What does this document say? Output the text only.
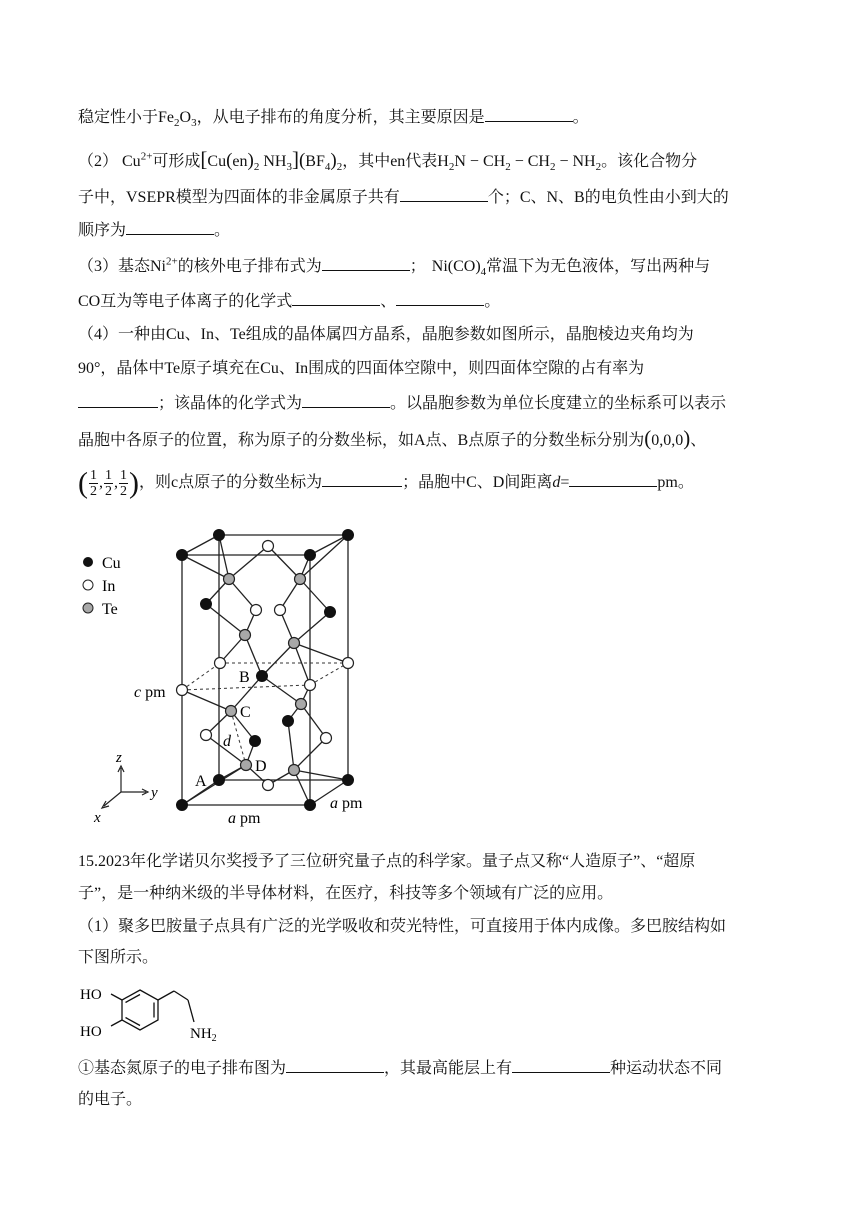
稳定性小于$Fe_2O_3$，从电子排布的角度分析，其主要原因是	。
（2） $Cu^{2+}$可形成[$Cu(en)_2$ $NH_3](BF_4)_2$，其中en代表$H_2N - CH_2 - CH_2 - NH_2$。该化合物分
子中，VSEPR模型为四面体的非金属原子共有	个；C、N、B的电负性由小到大的
顺序为	。
（3）基态$Ni^{2+}$的核外电子排布式为	； $Ni(CO)_4$常温下为无色液体，写出两种与
CO互为等电子体离子的化学式	、	。
（4）一种由Cu、In、Te组成的晶体属四方晶系，晶胞参数如图所示，晶胞棱边夹角均为
90°，晶体中Te原子填充在Cu、In围成的四面体空隙中，则四面体空隙的占有率为
；该晶体的化学式为	。以晶胞参数为单位长度建立的坐标系可以表示
晶胞中各原子的位置，称为原子的分数坐标，如A点、B点原子的分数坐标分别为(0,0,0)、
( $\frac{1}{2}$ , $\frac{1}{2}$ , $\frac{1}{2}$ )，则c点原子的分数坐标为	；晶胞中C、D间距离d=	pm。
Cu
In
Te
c pm
a pm
a pm
A
B
C
D
d
z
y
x
15.2023年化学诺贝尔奖授予了三位研究量子点的科学家。量子点又称“人造原子”、“超原
子”，是一种纳米级的半导体材料，在医疗，科技等多个领域有广泛的应用。
（1）聚多巴胺量子点具有广泛的光学吸收和荧光特性，可直接用于体内成像。多巴胺结构如
下图所示。
HO
HO	$NH_2$
①基态氮原子的电子排布图为	，其最高能层上有	种运动状态不同
的电子。
